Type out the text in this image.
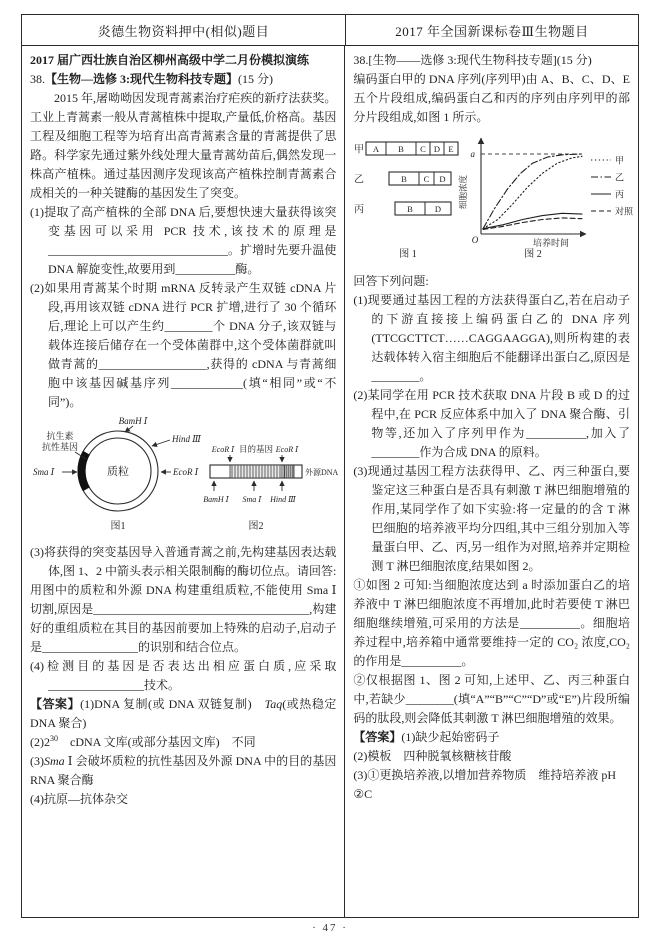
炎德生物资料押中(相似)题目	2017 年全国新课标卷Ⅲ生物题目

2017 届广西壮族自治区柳州高级中学二月份模拟演练

38.【生物—选修 3:现代生物科技专题】(15 分)

2015 年,屠呦呦因发现青蒿素治疗疟疾的新疗法获奖。工业上青蒿素一般从青蒿植株中提取,产量低,价格高。基因工程及细胞工程等为培育出高青蒿素含量的青蒿提供了思路。科学家先通过紫外线处理大量青蒿幼苗后,偶然发现一株高产植株。通过基因测序发现该高产植株控制青蒿素合成相关的一种关键酶的基因发生了突变。

(1)提取了高产植株的全部 DNA 后,要想快速大量获得该突变基因可以采用 PCR 技术,该技术的原理是______________________________。扩增时先要升温使 DNA 解旋变性,故要用到__________酶。

(2)如果用青蒿某个时期 mRNA 反转录产生双链 cDNA 片段,再用该双链 cDNA 进行 PCR 扩增,进行了 30 个循环后,理论上可以产生约________个 DNA 分子,该双链与载体连接后储存在一个受体菌群中,这个受体菌群就叫做青蒿的__________________,获得的 cDNA 与青蒿细胞中该基因碱基序列____________(填“相同”或“不同”)。

质粒
抗生素
抗性基因
Sma Ⅰ
BamH Ⅰ
Hind Ⅲ
EcoR Ⅰ
图1
EcoR Ⅰ 目的基因 EcoR Ⅰ
外源DNA
BamH Ⅰ Sma Ⅰ Hind Ⅲ
图2

(3)将获得的突变基因导入普通青蒿之前,先构建基因表达载体,图 1、2 中箭头表示相关限制酶的酶切位点。请回答:

用图中的质粒和外源 DNA 构建重组质粒,不能使用 Sma Ⅰ 切割,原因是____________________________________,构建好的重组质粒在其目的基因前要加上特殊的启动子,启动子是________________的识别和结合位点。

(4)检测目的基因是否表达出相应蛋白质,应采取________________技术。

【答案】(1)DNA 复制(或 DNA 双链复制)　Taq(或热稳定 DNA 聚合)

$(2)2^{30}$　cDNA 文库(或部分基因文库)　不同

(3)Sma Ⅰ 会破坏质粒的抗性基因及外源 DNA 中的目的基因　RNA 聚合酶

(4)抗原—抗体杂交

38.[生物——选修 3:现代生物科技专题](15 分)

编码蛋白甲的 DNA 序列(序列甲)由 A、B、C、D、E 五个片段组成,编码蛋白乙和丙的序列由序列甲的部分片段组成,如图 1 所示。

甲 A B C D E
乙	B C D
丙	B	D
图 1
a
细胞浓度
O	培养时间
甲
乙
丙
对照
图 2

回答下列问题:

(1)现要通过基因工程的方法获得蛋白乙,若在启动子的下游直接接上编码蛋白乙的 DNA 序列(TTCGCTTCT……CAGGAAGGA),则所构建的表达载体转入宿主细胞后不能翻译出蛋白乙,原因是________。

(2)某同学在用 PCR 技术获取 DNA 片段 B 或 D 的过程中,在 PCR 反应体系中加入了 DNA 聚合酶、引物等,还加入了序列甲作为__________,加入了________作为合成 DNA 的原料。

(3)现通过基因工程方法获得甲、乙、丙三种蛋白,要鉴定这三种蛋白是否具有刺激 T 淋巴细胞增殖的作用,某同学作了如下实验:将一定量的的含 T 淋巴细胞的培养液平均分四组,其中三组分别加入等量蛋白甲、乙、丙,另一组作为对照,培养并定期检测 T 淋巴细胞浓度,结果如图 2。

①如图 2 可知:当细胞浓度达到 a 时添加蛋白乙的培养液中 T 淋巴细胞浓度不再增加,此时若要使 T 淋巴细胞继续增殖,可采用的方法是__________。细胞培养过程中,培养箱中通常要维持一定的 CO₂ 浓度,CO₂ 的作用是__________。

②仅根据图 1、图 2 可知,上述甲、乙、丙三种蛋白中,若缺少________(填“A”“B”“C”“D”或“E”)片段所编码的肽段,则会降低其刺激 T 淋巴细胞增殖的效果。

【答案】(1)缺少起始密码子

(2)模板　四种脱氧核糖核苷酸

(3)①更换培养液,以增加营养物质　维持培养液 pH

②C

· 47 ·
